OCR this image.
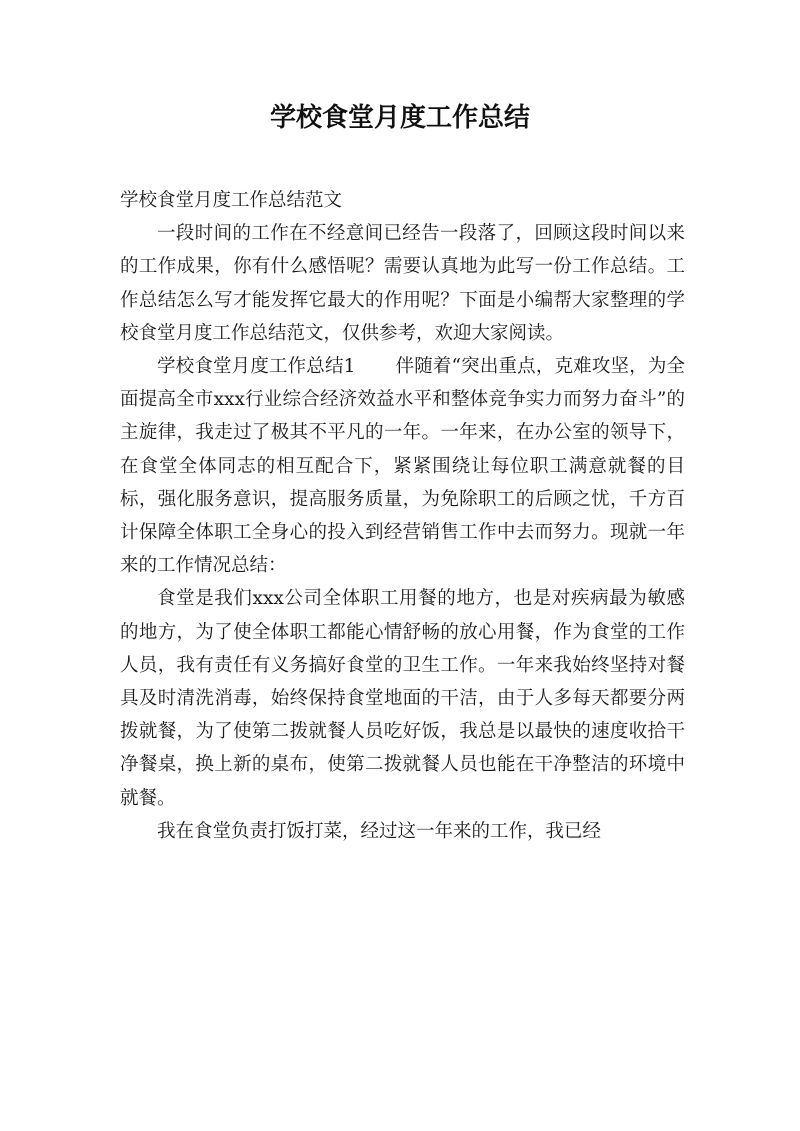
学校食堂月度工作总结

学校食堂月度工作总结范文

一段时间的工作在不经意间已经告一段落了，回顾这段时间以来的工作成果，你有什么感悟呢？需要认真地为此写一份工作总结。工作总结怎么写才能发挥它最大的作用呢？下面是小编帮大家整理的学校食堂月度工作总结范文，仅供参考，欢迎大家阅读。

学校食堂月度工作总结1 伴随着“突出重点，克难攻坚，为全面提高全市xxx行业综合经济效益水平和整体竞争实力而努力奋斗”的主旋律，我走过了极其不平凡的一年。一年来，在办公室的领导下，在食堂全体同志的相互配合下，紧紧围绕让每位职工满意就餐的目标，强化服务意识，提高服务质量，为免除职工的后顾之忧，千方百计保障全体职工全身心的投入到经营销售工作中去而努力。现就一年来的工作情况总结：

食堂是我们xxx公司全体职工用餐的地方，也是对疾病最为敏感的地方，为了使全体职工都能心情舒畅的放心用餐，作为食堂的工作人员，我有责任有义务搞好食堂的卫生工作。一年来我始终坚持对餐具及时清洗消毒，始终保持食堂地面的干洁，由于人多每天都要分两拨就餐，为了使第二拨就餐人员吃好饭，我总是以最快的速度收拾干净餐桌，换上新的桌布，使第二拨就餐人员也能在干净整洁的环境中就餐。

我在食堂负责打饭打菜，经过这一年来的工作，我已经
